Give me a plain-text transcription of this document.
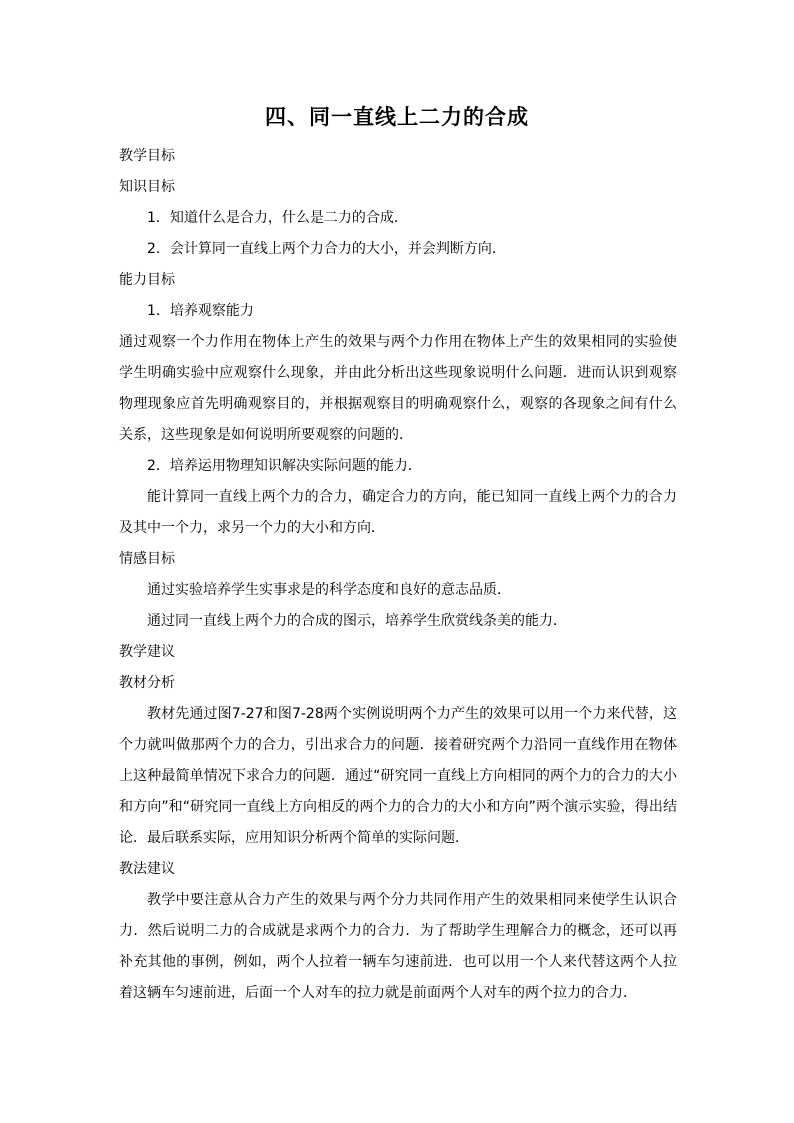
四、同一直线上二力的合成
教学目标
知识目标
1．知道什么是合力，什么是二力的合成．
2．会计算同一直线上两个力合力的大小，并会判断方向．
能力目标
1．培养观察能力
通过观察一个力作用在物体上产生的效果与两个力作用在物体上产生的效果相同的实验使学生明确实验中应观察什么现象，并由此分析出这些现象说明什么问题．进而认识到观察物理现象应首先明确观察目的，并根据观察目的明确观察什么，观察的各现象之间有什么关系，这些现象是如何说明所要观察的问题的．
2．培养运用物理知识解决实际问题的能力．
能计算同一直线上两个力的合力，确定合力的方向，能已知同一直线上两个力的合力及其中一个力，求另一个力的大小和方向．
情感目标
通过实验培养学生实事求是的科学态度和良好的意志品质．
通过同一直线上两个力的合成的图示，培养学生欣赏线条美的能力．
教学建议
教材分析
教材先通过图7-27和图7-28两个实例说明两个力产生的效果可以用一个力来代替，这个力就叫做那两个力的合力，引出求合力的问题．接着研究两个力沿同一直线作用在物体上这种最简单情况下求合力的问题．通过“研究同一直线上方向相同的两个力的合力的大小和方向”和“研究同一直线上方向相反的两个力的合力的大小和方向”两个演示实验，得出结论．最后联系实际，应用知识分析两个简单的实际问题．
教法建议
教学中要注意从合力产生的效果与两个分力共同作用产生的效果相同来使学生认识合力．然后说明二力的合成就是求两个力的合力．为了帮助学生理解合力的概念，还可以再补充其他的事例，例如，两个人拉着一辆车匀速前进．也可以用一个人来代替这两个人拉着这辆车匀速前进，后面一个人对车的拉力就是前面两个人对车的两个拉力的合力．
